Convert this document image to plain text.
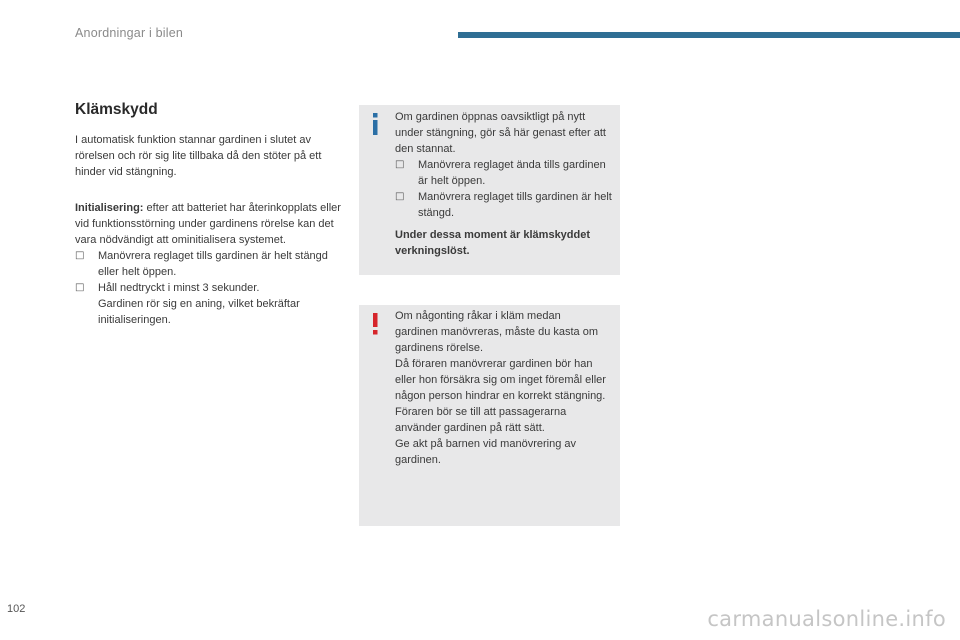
Anordningar i bilen
Klämskydd
I automatisk funktion stannar gardinen i slutet av rörelsen och rör sig lite tillbaka då den stöter på ett hinder vid stängning.
Initialisering: efter att batteriet har återinkopplats eller vid funktionsstörning under gardinens rörelse kan det vara nödvändigt att ominitialisera systemet.
□ Manövrera reglaget tills gardinen är helt stängd eller helt öppen.
□ Håll nedtryckt i minst 3 sekunder.
Gardinen rör sig en aning, vilket bekräftar initialiseringen.
Om gardinen öppnas oavsiktligt på nytt under stängning, gör så här genast efter att den stannat.
□ Manövrera reglaget ända tills gardinen är helt öppen.
□ Manövrera reglaget tills gardinen är helt stängd.
Under dessa moment är klämskyddet verkningslöst.
Om någonting råkar i kläm medan gardinen manövreras, måste du kasta om gardinens rörelse.
Då föraren manövrerar gardinen bör han eller hon försäkra sig om inget föremål eller någon person hindrar en korrekt stängning.
Föraren bör se till att passagerarna använder gardinen på rätt sätt.
Ge akt på barnen vid manövrering av gardinen.
102	carmanualsonline.info
